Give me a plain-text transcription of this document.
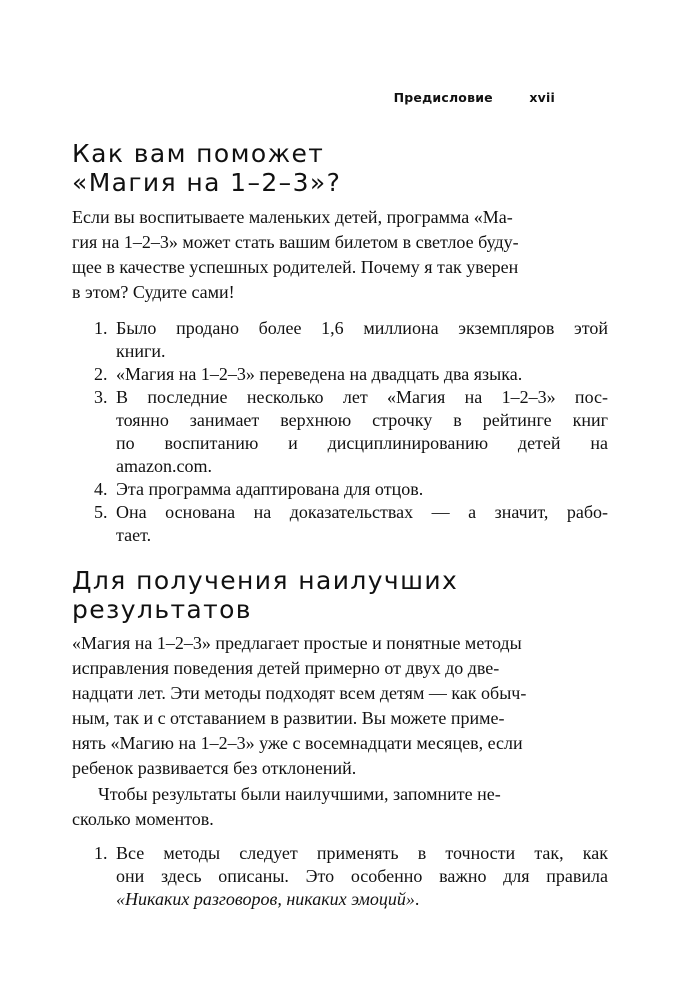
Предисловие	xvii
Как вам поможет
«Магия на 1–2–3»?

Если вы воспитываете маленьких детей, программа «Ма-
гия на 1–2–3» может стать вашим билетом в светлое буду-
щее в качестве успешных родителей. Почему я так уверен
в этом? Судите сами!

1. Было продано более 1,6 миллиона экземпляров этой
книги.
2. «Магия на 1–2–3» переведена на двадцать два языка.
3. В последние несколько лет «Магия на 1–2–3» пос-
тоянно занимает верхнюю строчку в рейтинге книг
по воспитанию и дисциплинированию детей на
amazon.com.
4. Эта программа адаптирована для отцов.
5. Она основана на доказательствах — а значит, рабо-
тает.
Для получения наилучших
результатов

«Магия на 1–2–3» предлагает простые и понятные методы
исправления поведения детей примерно от двух до две-
надцати лет. Эти методы подходят всем детям — как обыч-
ным, так и с отставанием в развитии. Вы можете приме-
нять «Магию на 1–2–3» уже с восемнадцати месяцев, если
ребенок развивается без отклонений.

Чтобы результаты были наилучшими, запомните не-
сколько моментов.

1. Все методы следует применять в точности так, как
они здесь описаны. Это особенно важно для правила
«Никаких разговоров, никаких эмоций».
